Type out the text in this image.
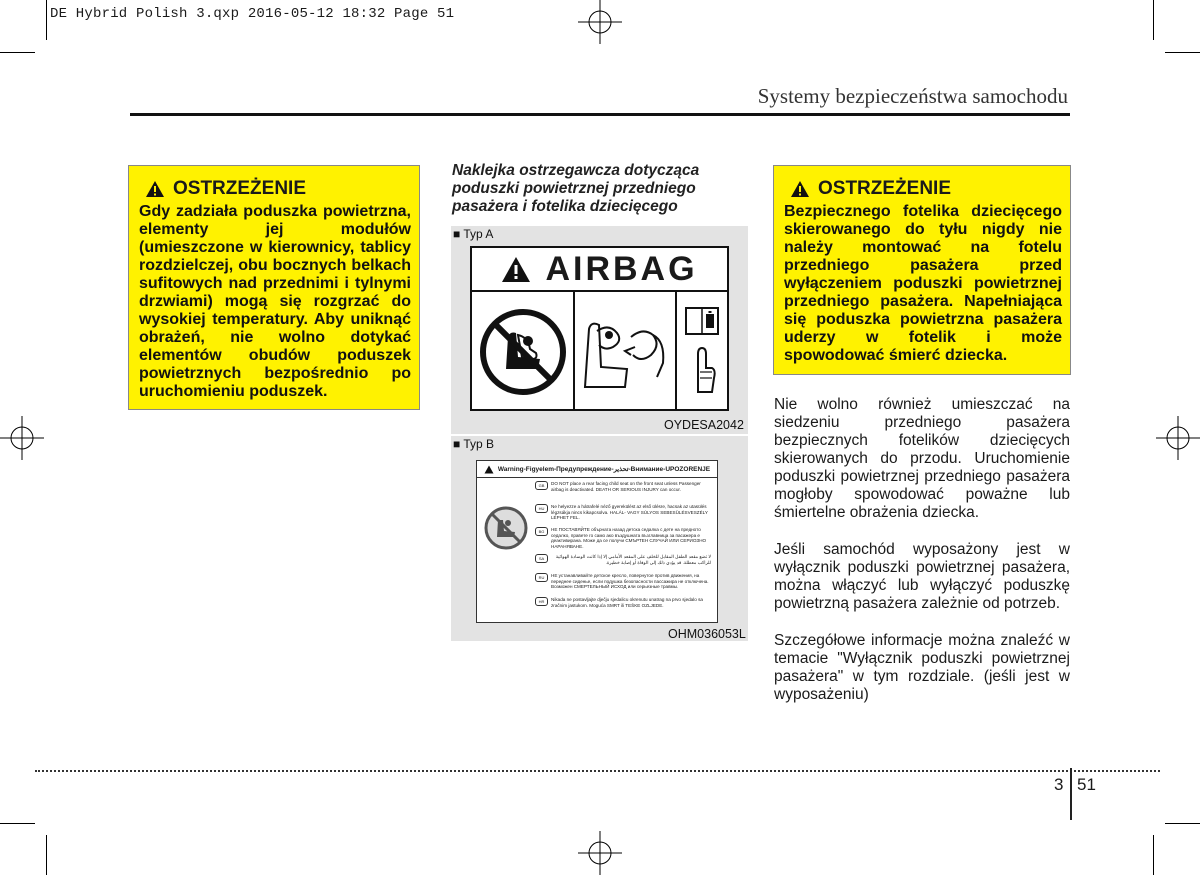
DE Hybrid Polish 3.qxp 2016-05-12 18:32 Page 51
Systemy bezpieczeństwa samochodu
OSTRZEŻENIE
Gdy zadziała poduszka powietrzna, elementy jej modułów (umieszczone w kierownicy, tablicy rozdzielczej, obu bocznych belkach sufitowych nad przednimi i tylnymi drzwiami) mogą się rozgrzać do wysokiej temperatury. Aby uniknąć obrażeń, nie wolno dotykać elementów obudów poduszek powietrznych bezpośrednio po uruchomieniu poduszek.
Naklejka ostrzegawcza dotycząca poduszki powietrznej przedniego pasażera i fotelika dziecięcego
■ Typ A
AIRBAG
OYDESA2042
■ Typ B
Warning-Figyelem-Предупреждение-تحذير-Внимание-UPOZORENJE
GB	DO NOT place a rear facing child seat on the front seat unless Passenger airbag is deactivated. DEATH OR SERIOUS INJURY can occur.
HU	Ne helyezze a hátrafelé néző gyerekülést az első ülésre, hacsak az utasülés légzsákja nincs kikapcsolva. HALÁL- VAGY SÚLYOS SEBESÜLÉSVESZÉLY LÉPHET FEL.
BG	НЕ ПОСТАВЯЙТЕ обърната назад детска седалка с дете на предното седалко, правете го само ако въздушната възглавница за пасажера е деактивирана. Може да се получи СМЪРТЕН СЛУЧАЙ ИЛИ СЕРИОЗНО НАРАНЯВАНЕ.
SA	لا تضع مقعد الطفل المقابل للخلف على المقعد الأمامي إلا إذا كانت الوسادة الهوائية للراكب معطلة. قد يؤدي ذلك إلى الوفاة أو إصابة خطيرة.
RU	НЕ устанавливайте детское кресло, повернутое против движения, на переднее сиденье, если подушка безопасности пассажира не отключена. Возможен СМЕРТЕЛЬНЫЙ ИСХОД или серьезные травмы.
HR	Nikada ne postavljajte dječju sjedalicu okrenutu unatrag na prvo sjedalo sa zračnim jastukom. Moguća SMRT ili TEŠKE OZLJEDE.
OHM036053L
OSTRZEŻENIE
Bezpiecznego fotelika dziecięcego skierowanego do tyłu nigdy nie należy montować na fotelu przedniego pasażera przed wyłączeniem poduszki powietrznej przedniego pasażera. Napełniająca się poduszka powietrzna pasażera uderzy w fotelik i może spowodować śmierć dziecka.
Nie wolno również umieszczać na siedzeniu przedniego pasażera bezpiecznych fotelików dziecięcych skierowanych do przodu. Uruchomienie poduszki powietrznej przedniego pasażera mogłoby spowodować poważne lub śmiertelne obrażenia dziecka.
Jeśli samochód wyposażony jest w wyłącznik poduszki powietrznej pasażera, można włączyć lub wyłączyć poduszkę powietrzną pasażera zależnie od potrzeb.
Szczegółowe informacje można znaleźć w temacie "Wyłącznik poduszki powietrznej pasażera" w tym rozdziale. (jeśli jest w wyposażeniu)
3 51
